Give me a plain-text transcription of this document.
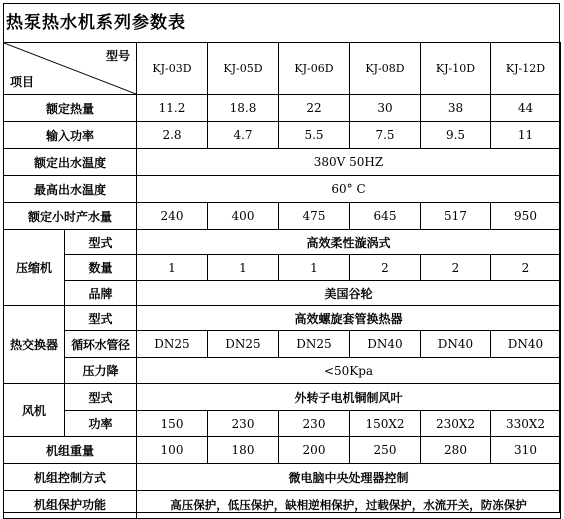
热泵热水机系列参数表
型号
项目		KJ-03D	KJ-05D	KJ-06D	KJ-08D	KJ-10D	KJ-12D
额定热量		11.2	18.8	22	30	38	44
输入功率		2.8	4.7	5.5	7.5	9.5	11
额定出水温度		380V 50HZ					
最高出水温度		60° C					
额定小时产水量		240	400	475	645	517	950
压缩机	型式	高效柔性漩涡式					
	数量	1	1	1	2	2	2
	品牌	美国谷轮					
热交换器	型式	高效螺旋套管换热器					
	循环水管径	DN25	DN25	DN25	DN40	DN40	DN40
	压力降	<50Kpa					
风机	型式	外转子电机铜制风叶					
	功率	150	230	230	150X2	230X2	330X2
机组重量		100	180	200	250	280	310
机组控制方式		微电脑中央处理器控制					
机组保护功能		高压保护，低压保护，缺相逆相保护，过载保护，水流开关，防冻保护					
